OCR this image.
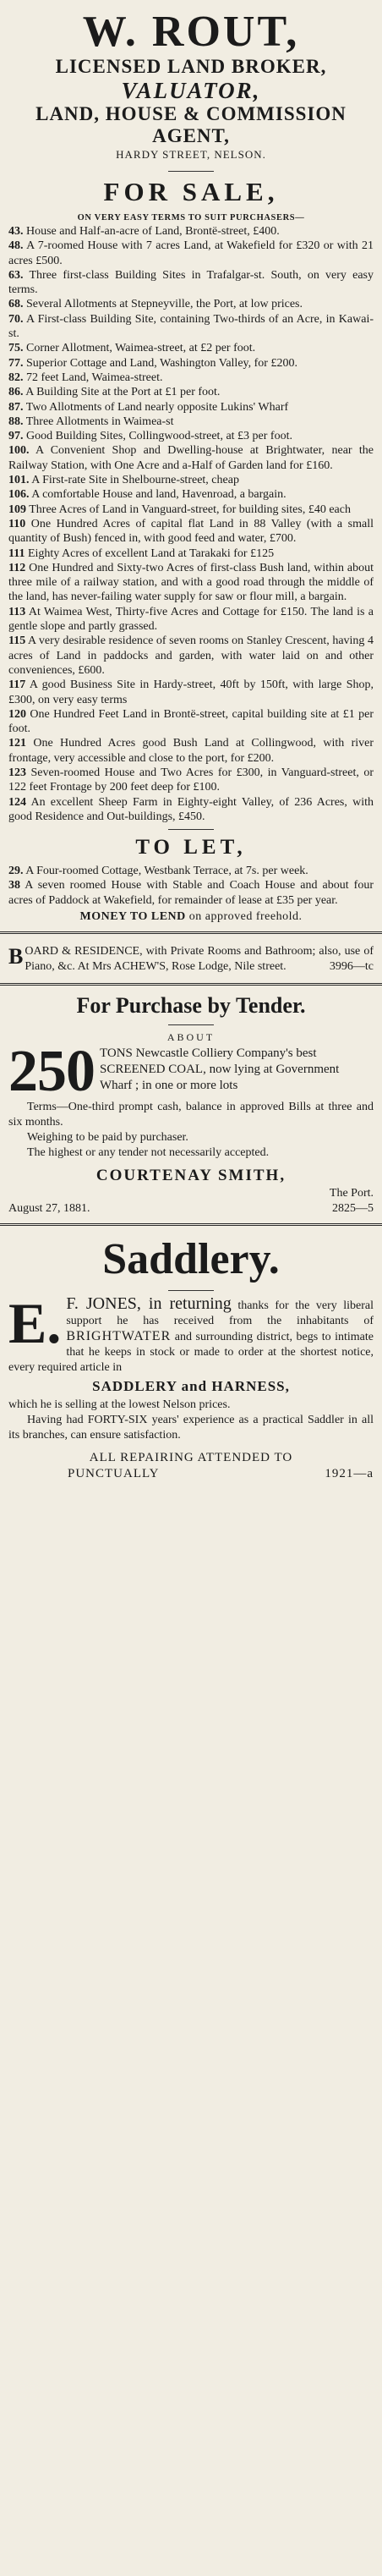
W. ROUT,
LICENSED LAND BROKER,
VALUATOR,
LAND, HOUSE & COMMISSION
AGENT,
HARDY STREET, NELSON.
FOR SALE,
ON VERY EASY TERMS TO SUIT PURCHASERS—
43. House and Half-an-acre of Land, Brontë-street, £400.
48. A 7-roomed House with 7 acres Land, at Wakefield for £320 or with 21 acres £500.
63. Three first-class Building Sites in Trafalgar-st. South, on very easy terms.
68. Several Allotments at Stepneyville, the Port, at low prices.
70. A First-class Building Site, containing Two-thirds of an Acre, in Kawai-st.
75. Corner Allotment, Waimea-street, at £2 per foot.
77. Superior Cottage and Land, Washington Valley, for £200.
82. 72 feet Land, Waimea-street.
86. A Building Site at the Port at £1 per foot.
87. Two Allotments of Land nearly opposite Lukins' Wharf
88. Three Allotments in Waimea-st
97. Good Building Sites, Collingwood-street, at £3 per foot.
100. A Convenient Shop and Dwelling-house at Brightwater, near the Railway Station, with One Acre and a-Half of Garden land for £160.
101. A First-rate Site in Shelbourne-street, cheap
106. A comfortable House and land, Havenroad, a bargain.
109 Three Acres of Land in Vanguard-street, for building sites, £40 each
110 One Hundred Acres of capital flat Land in 88 Valley (with a small quantity of Bush) fenced in, with good feed and water, £700.
111 Eighty Acres of excellent Land at Tarakaki for £125
112 One Hundred and Sixty-two Acres of first-class Bush land, within about three mile of a railway station, and with a good road through the middle of the land, has never-failing water supply for saw or flour mill, a bargain.
113 At Waimea West, Thirty-five Acres and Cottage for £150. The land is a gentle slope and partly grassed.
115 A very desirable residence of seven rooms on Stanley Crescent, having 4 acres of Land in paddocks and garden, with water laid on and other conveniences, £600.
117 A good Business Site in Hardy-street, 40ft by 150ft, with large Shop, £300, on very easy terms
120 One Hundred Feet Land in Brontë-street, capital building site at £1 per foot.
121 One Hundred Acres good Bush Land at Collingwood, with river frontage, very accessible and close to the port, for £200.
123 Seven-roomed House and Two Acres for £300, in Vanguard-street, or 122 feet Frontage by 200 feet deep for £100.
124 An excellent Sheep Farm in Eighty-eight Valley, of 236 Acres, with good Residence and Out-buildings, £450.
TO LET,
29. A Four-roomed Cottage, Westbank Terrace, at 7s. per week.
38 A seven roomed House with Stable and Coach House and about four acres of Paddock at Wakefield, for remainder of lease at £35 per year.
MONEY TO LEND on approved freehold.
BOARD & RESIDENCE, with Private Rooms and Bathroom; also, use of Piano, &c. At Mrs ACHEW'S, Rose Lodge, Nile street.	3996—tc
For Purchase by Tender.
ABOUT
250 TONS Newcastle Colliery Company's best SCREENED COAL, now lying at Government Wharf ; in one or more lots

Terms—One-third prompt cash, balance in approved Bills at three and six months.

Weighing to be paid by purchaser.

The highest or any tender not necessarily accepted.

COURTENAY SMITH,
The Port.
August 27, 1881.	2825—5
Saddlery.
E. F. JONES, in returning thanks for the very liberal support he has received from the inhabitants of BRIGHTWATER and surrounding district, begs to intimate that he keeps in stock or made to order at the shortest notice, every required article in
SADDLERY and HARNESS,
which he is selling at the lowest Nelson prices.

Having had FORTY-SIX years' experience as a practical Saddler in all its branches, can ensure satisfaction.

ALL REPAIRING ATTENDED TO
PUNCTUALLY	1921—a
